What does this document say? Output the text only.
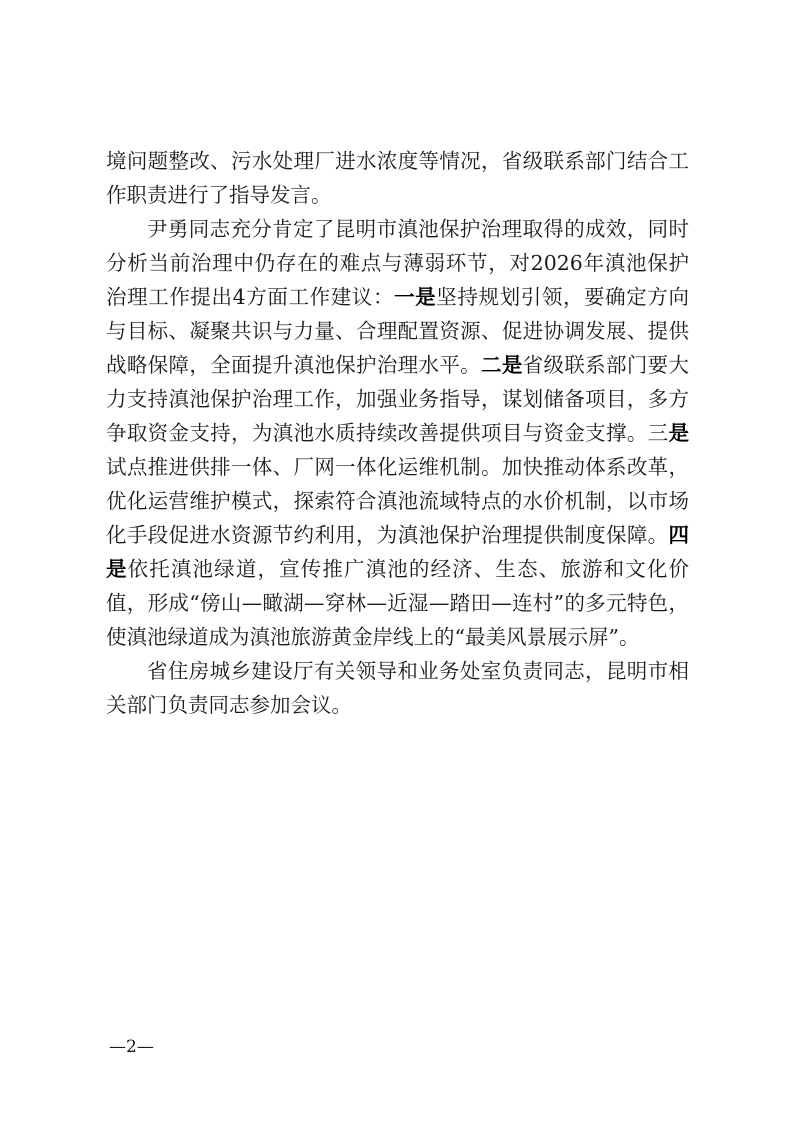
境问题整改、污水处理厂进水浓度等情况，省级联系部门结合工作职责进行了指导发言。

尹勇同志充分肯定了昆明市滇池保护治理取得的成效，同时分析当前治理中仍存在的难点与薄弱环节，对2026年滇池保护治理工作提出4方面工作建议：一是坚持规划引领，要确定方向与目标、凝聚共识与力量、合理配置资源、促进协调发展、提供战略保障，全面提升滇池保护治理水平。二是省级联系部门要大力支持滇池保护治理工作，加强业务指导，谋划储备项目，多方争取资金支持，为滇池水质持续改善提供项目与资金支撑。三是试点推进供排一体、厂网一体化运维机制。加快推动体系改革，优化运营维护模式，探索符合滇池流域特点的水价机制，以市场化手段促进水资源节约利用，为滇池保护治理提供制度保障。四是依托滇池绿道，宣传推广滇池的经济、生态、旅游和文化价值，形成“傍山—瞰湖—穿林—近湿—踏田—连村”的多元特色，使滇池绿道成为滇池旅游黄金岸线上的“最美风景展示屏”。

省住房城乡建设厅有关领导和业务处室负责同志，昆明市相关部门负责同志参加会议。

—2—
